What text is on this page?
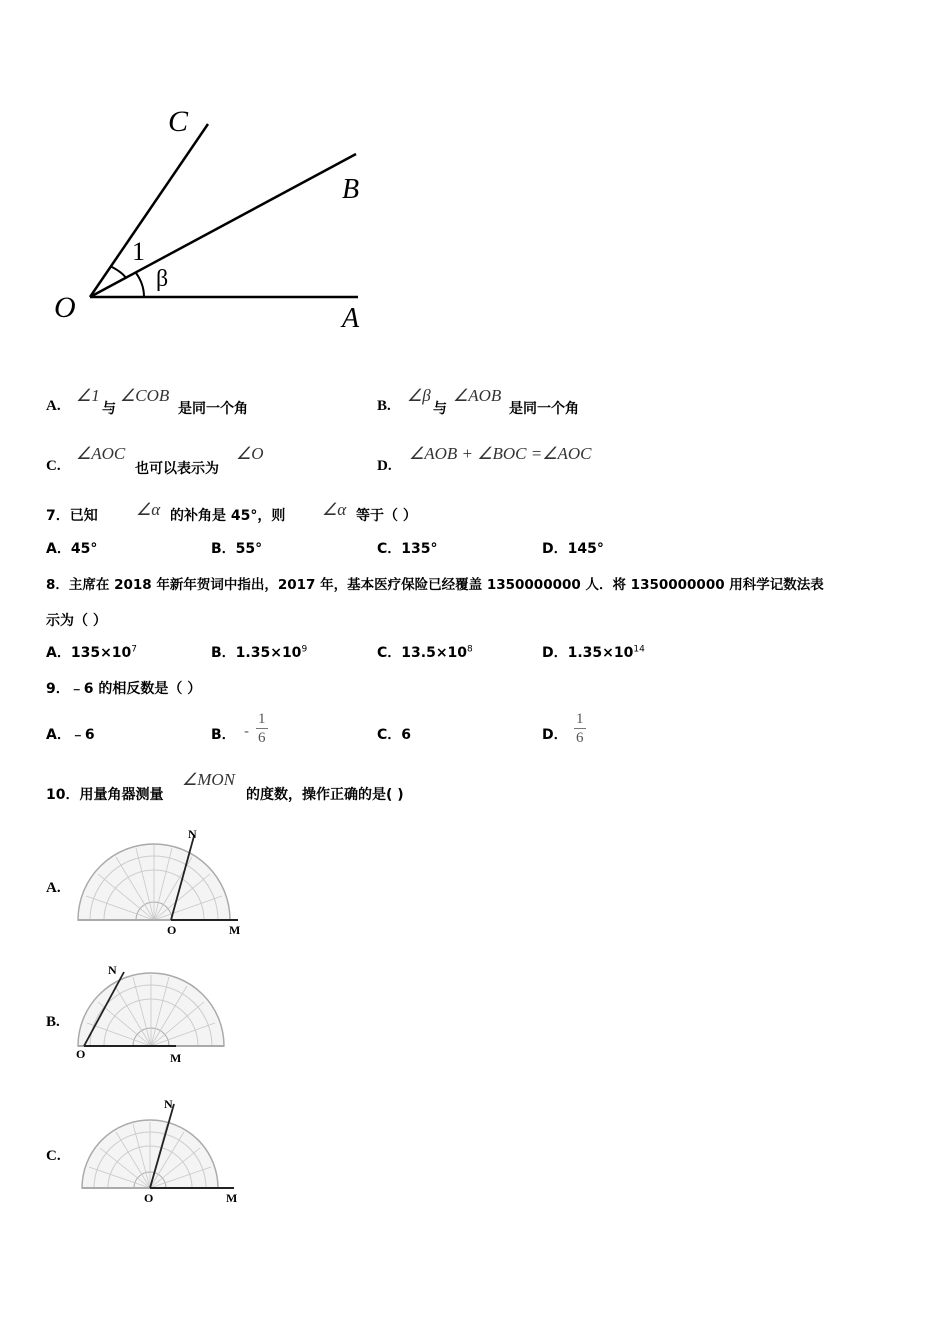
C
B
O	A
1
β
A.
∠1
与
∠COB
是同一个角	B.
∠β
与
∠AOB
是同一个角
C.
∠AOC
也可以表示为
∠O
D.
∠AOB + ∠BOC =∠AOC
7．已知 ∠α 的补角是 45°，则 ∠α 等于（ ）
A．45°	B．55°	C．135°	D．145°
8．主席在 2018 年新年贺词中指出，2017 年，基本医疗保险已经覆盖 1350000000 人．将 1350000000 用科学记数法表
示为（ ）
A．$135\times 10^7$	B．$1.35\times 10^9$	C．$13.5\times 10^8$	D．$1.35\times 10^{14}$
9．﹣6 的相反数是（ ）
A．﹣6	B． - $\frac{1}{6}$	C．6	D． $\frac{1}{6}$
10．用量角器测量
∠MON
的度数，操作正确的是( )
A.
N
O	M
B.
N
O	M
C.
N
O	M
